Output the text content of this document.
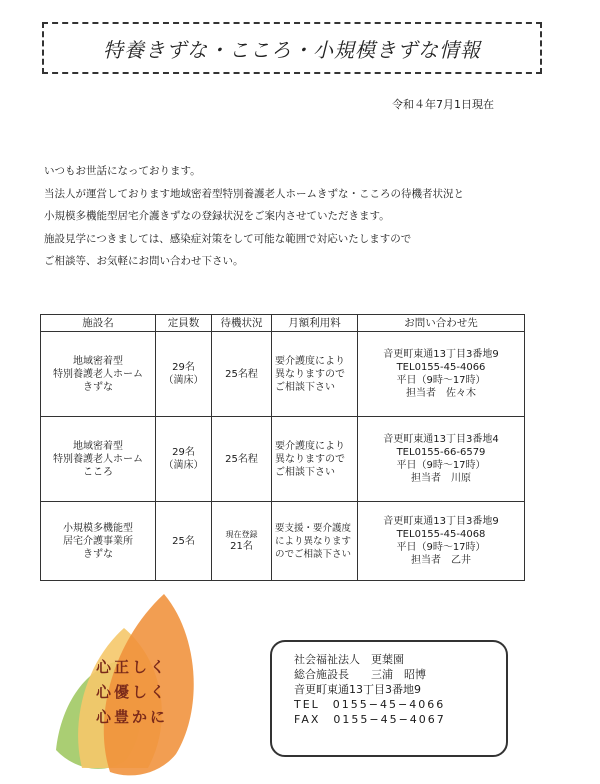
特養きずな・こころ・小規模きずな情報
令和４年7月1日現在

いつもお世話になっております。

当法人が運営しております地域密着型特別養護老人ホームきずな・こころの待機者状況と

小規模多機能型居宅介護きずなの登録状況をご案内させていただきます。

施設見学につきましては、感染症対策をして可能な範囲で対応いたしますので

ご相談等、お気軽にお問い合わせ下さい。

施設名	定員数	待機状況	月額利用料	お問い合わせ先

地域密着型
特別養護老人ホーム
きずな	29名
（満床）	25名程	要介護度により異なりますのでご相談下さい	音更町東通13丁目3番地9
TEL0155-45-4066
平日（9時～17時）
担当者　佐々木

地域密着型
特別養護老人ホーム
こころ	29名
（満床）	25名程	要介護度により異なりますのでご相談下さい	音更町東通13丁目3番地4
TEL0155-66-6579
平日（9時～17時）
担当者　川原

小規模多機能型
居宅介護事業所
きずな	25名	現在登録
21名	要支援・要介護度により異なりますのでご相談下さい	音更町東通13丁目3番地9
TEL0155-45-4068
平日（9時～17時）
担当者　乙井
心正しく
心優しく
心豊かに
社会福祉法人　更葉園
総合施設長　　三浦　昭博
音更町東通13丁目3番地9
TEL　0155−45−4066
FAX　0155−45−4067
